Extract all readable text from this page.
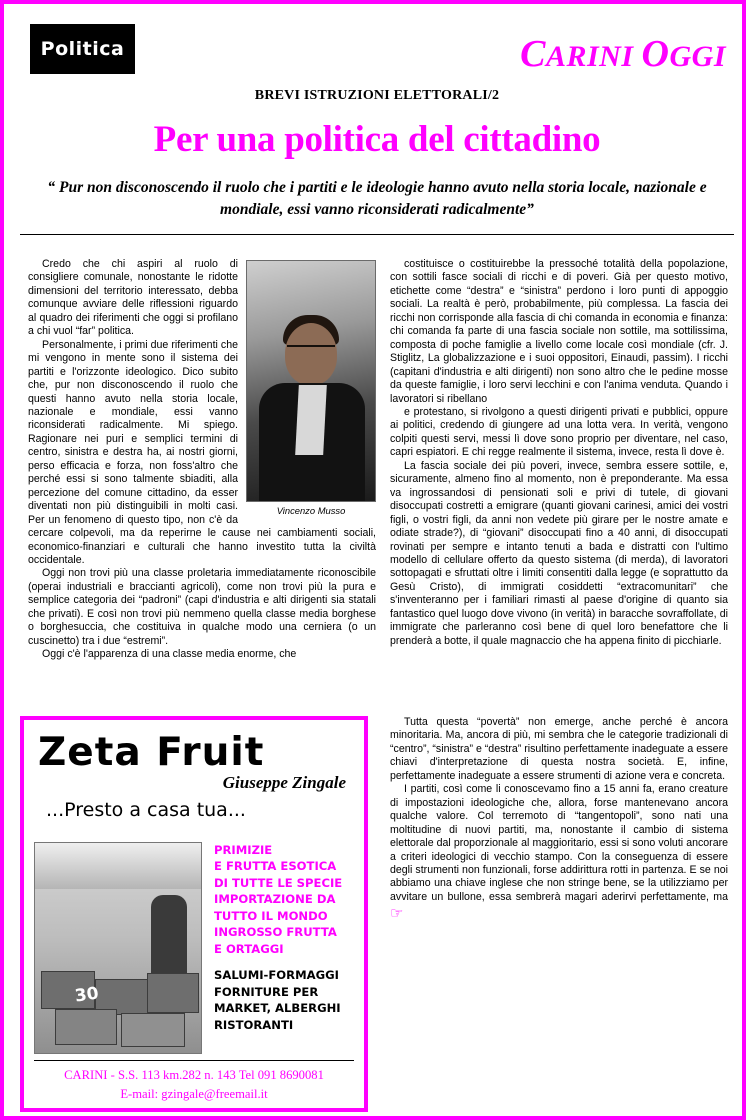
Politica	CARINI OGGI
BREVI ISTRUZIONI ELETTORALI/2
Per una politica del cittadino
“ Pur non disconoscendo il ruolo che i partiti e le ideologie hanno avuto nella storia locale, nazionale e mondiale, essi vanno riconsiderati radicalmente”
Vincenzo Musso

Credo che chi aspiri al ruolo di consigliere comunale, nonostante le ridotte dimensioni del territorio interessato, debba comunque avviare delle riflessioni riguardo al quadro dei riferimenti che oggi si profilano a chi vuol “far” politica.

Personalmente, i primi due riferimenti che mi vengono in mente sono il sistema dei partiti e l'orizzonte ideologico. Dico subito che, pur non disconoscendo il ruolo che questi hanno avuto nella storia locale, nazionale e mondiale, essi vanno riconsiderati radicalmente. Mi spiego. Ragionare nei puri e semplici termini di centro, sinistra e destra ha, ai nostri giorni, perso efficacia e forza, non foss'altro che perché essi si sono talmente sbiaditi, alla percezione del comune cittadino, da esser diventati non più distinguibili in molti casi. Per un fenomeno di questo tipo, non c'è da cercare colpevoli, ma da reperirne le cause nei cambiamenti sociali, economico-finanziari e culturali che hanno investito tutta la civiltà occidentale.

Oggi non trovi più una classe proletaria immediatamente riconoscibile (operai industriali e braccianti agricoli), come non trovi più la pura e semplice categoria dei “padroni” (capi d'industria e alti dirigenti sia statali che privati). E così non trovi più nemmeno quella classe media borghese o borghesuccia, che costituiva in qualche modo una cerniera (o un cuscinetto) tra i due “estremi”.

Oggi c'è l'apparenza di una classe media enorme, che

costituisce o costituirebbe la pressoché totalità della popolazione, con sottili fasce sociali di ricchi e di poveri. Già per questo motivo, etichette come “destra” e “sinistra” perdono i loro punti di appoggio sociali. La realtà è però, probabilmente, più complessa. La fascia dei ricchi non corrisponde alla fascia di chi comanda in economia e finanza: chi comanda fa parte di una fascia sociale non sottile, ma sottilissima, composta di poche famiglie a livello come locale così mondiale (cfr. J. Stiglitz, La globalizzazione e i suoi oppositori, Einaudi, passim). I ricchi (capitani d'industria e alti dirigenti) non sono altro che le pedine mosse da queste famiglie, i loro servi lecchini e con l'anima venduta. Quando i lavoratori si ribellano

e protestano, si rivolgono a questi dirigenti privati e pubblici, oppure ai politici, credendo di giungere ad una lotta vera. In verità, vengono colpiti questi servi, messi lì dove sono proprio per diventare, nel caso, capri espiatori. E chi regge realmente il sistema, invece, resta lì dove è.

La fascia sociale dei più poveri, invece, sembra essere sottile, e, sicuramente, almeno fino al momento, non è preponderante. Ma essa va ingrossandosi di pensionati soli e privi di tutele, di giovani disoccupati costretti a emigrare (quanti giovani carinesi, amici dei vostri figli, o vostri figli, da anni non vedete più girare per le nostre amate e odiate strade?), di “giovani” disoccupati fino a 40 anni, di disoccupati rovinati per sempre e intanto tenuti a bada e distratti con l'ultimo modello di cellulare offerto da questo sistema (di merda), di lavoratori sottopagati e sfruttati oltre i limiti consentiti dalla legge (e soprattutto da Gesù Cristo), di immigrati cosiddetti “extracomunitari” che s'inventeranno per i familiari rimasti al paese d'origine di quanto sia fantastico quel luogo dove vivono (in verità) in baracche sovraffollate, di immigrate che parleranno così bene di quel loro benefattore che li prenderà a botte, il quale magnaccio che ha appena finito di picchiarle.

Zeta Fruit
Giuseppe Zingale
...Presto a casa tua...
30
PRIMIZIE
E FRUTTA ESOTICA
DI TUTTE LE SPECIE
IMPORTAZIONE DA
TUTTO IL MONDO
INGROSSO FRUTTA
E ORTAGGI
SALUMI-FORMAGGI
FORNITURE PER
MARKET, ALBERGHI
RISTORANTI
CARINI - S.S. 113 km.282 n. 143 Tel 091 8690081
E-mail: gzingale@freemail.it

Tutta questa “povertà” non emerge, anche perché è ancora minoritaria. Ma, ancora di più, mi sembra che le categorie tradizionali di “centro”, “sinistra” e “destra” risultino perfettamente inadeguate a essere chiavi d'interpretazione di questa nostra società. E, infine, perfettamente inadeguate a essere strumenti di azione vera e concreta.

I partiti, così come li conoscevamo fino a 15 anni fa, erano creature di impostazioni ideologiche che, allora, forse mantenevano ancora qualche valore. Col terremoto di “tangentopoli”, sono nati una moltitudine di nuovi partiti, ma, nonostante il cambio di sistema elettorale dal proporzionale al maggioritario, essi si sono voluti ancorare a criteri ideologici di vecchio stampo. Con la conseguenza di essere degli strumenti non funzionali, forse addirittura rotti in partenza. E se noi abbiamo una chiave inglese che non stringe bene, se la utilizziamo per avvitare un bullone, essa sembrerà magari aderirvi perfettamente, ma ☞
